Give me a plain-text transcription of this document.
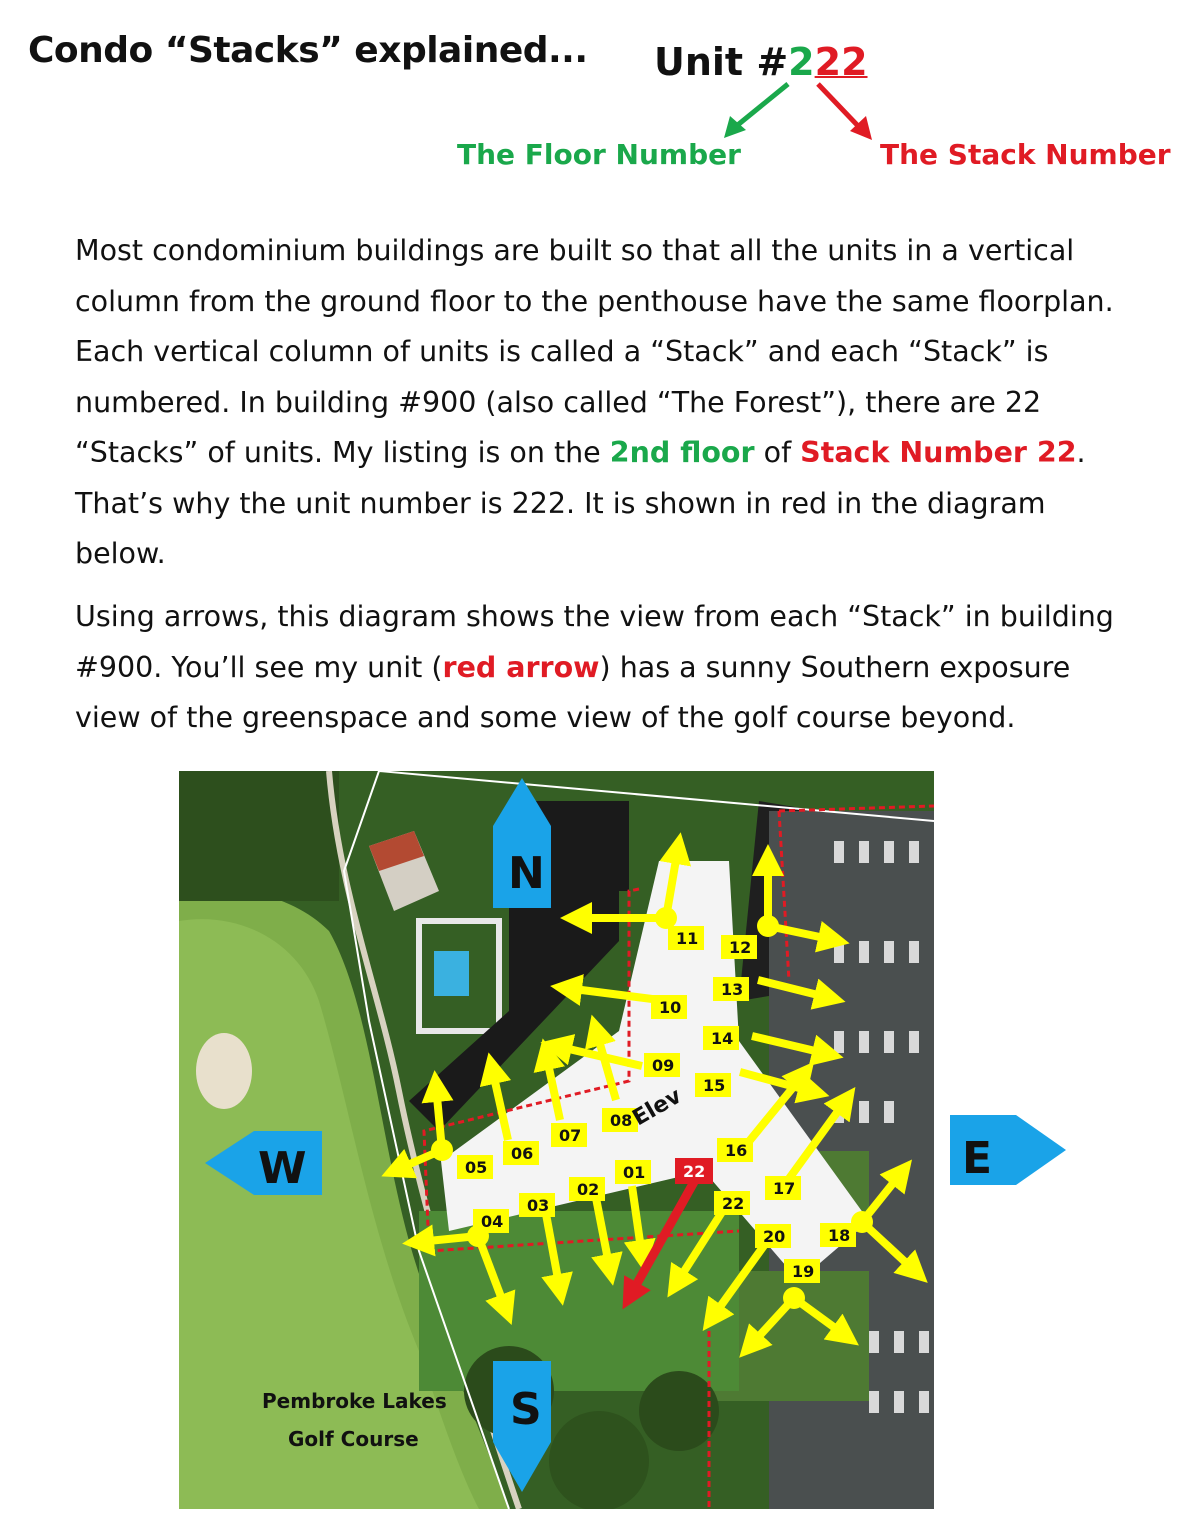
Condo “Stacks” explained... Unit #222
The Floor Number	The Stack Number

Most condominium buildings are built so that all the units in a vertical column from the ground floor to the penthouse have the same floorplan. Each vertical column of units is called a “Stack” and each “Stack” is numbered. In building #900 (also called “The Forest”), there are 22 “Stacks” of units. My listing is on the 2nd floor of Stack Number 22. That’s why the unit number is 222. It is shown in red in the diagram below.

Using arrows, this diagram shows the view from each “Stack” in building #900. You’ll see my unit (red arrow) has a sunny Southern exposure view of the greenspace and some view of the golf course beyond.

N
S
W	E
22
11 12
13
10
14
09
15
08
Elev
07
06
05
16
01
02	17
03	22
04
20	18
19
Pembroke Lakes
Golf Course
